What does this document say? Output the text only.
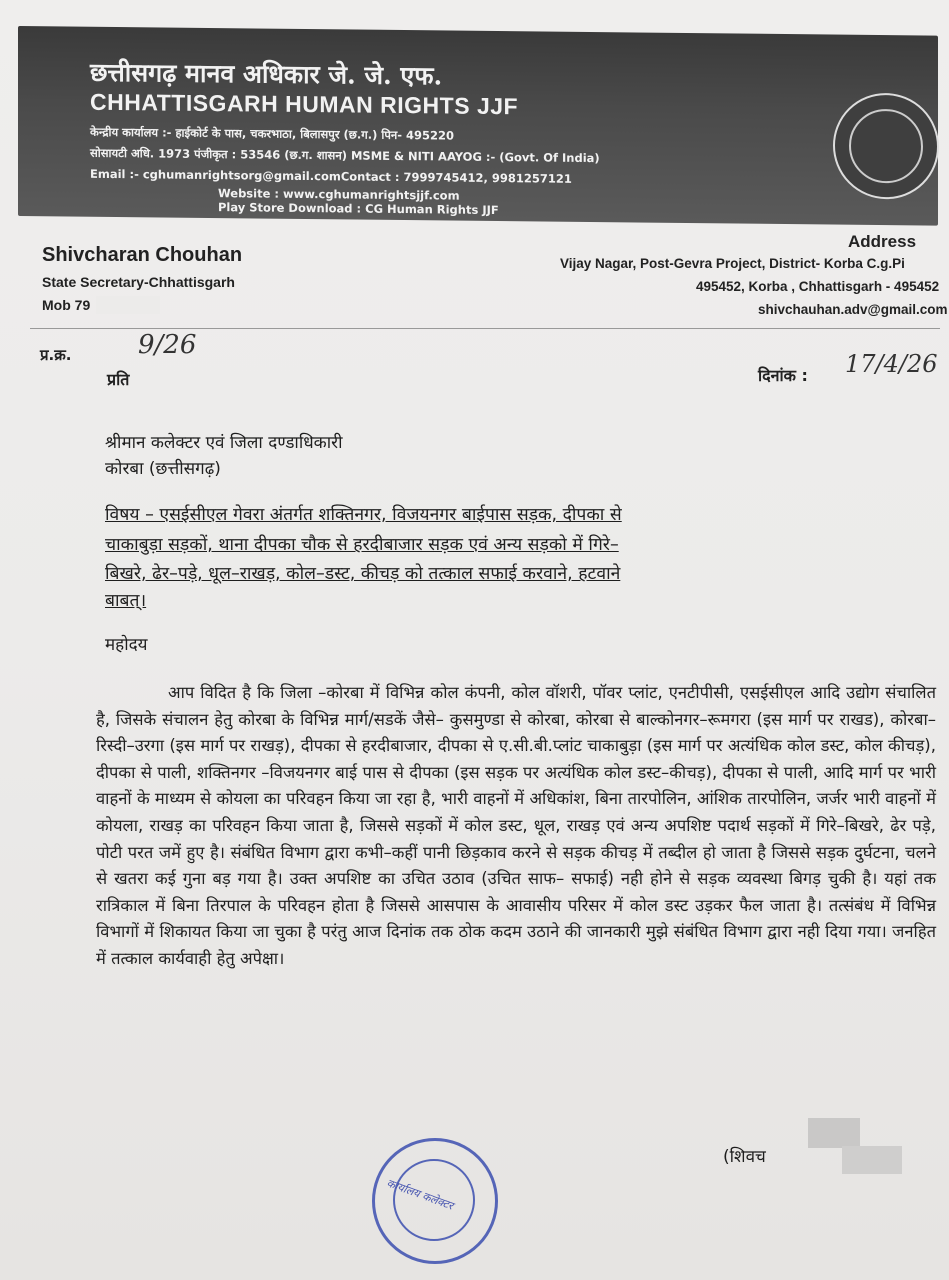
छत्तीसगढ़ मानव अधिकार जे. जे. एफ.
CHHATTISGARH HUMAN RIGHTS JJF
केन्द्रीय कार्यालय :- हाईकोर्ट के पास, चकरभाठा, बिलासपुर (छ.ग.) पिन- 495220
सोसायटी अधि. 1973 पंजीकृत : 53546 (छ.ग. शासन) MSME & NITI AAYOG :- (Govt. Of India)
Email :- cghumanrightsorg@gmail.comContact : 7999745412, 9981257121
Website : www.cghumanrightsjjf.com
Play Store Download : CG Human Rights JJF
Shivcharan Chouhan
State Secretary-Chhattisgarh
Mob 79
Address
Vijay Nagar, Post-Gevra Project, District- Korba C.g.Pi
495452, Korba , Chhattisgarh - 495452
shivchauhan.adv@gmail.com
प्र.क्र.	9/26
प्रति	दिनांक : 17/4/26
श्रीमान कलेक्टर एवं जिला दण्डाधिकारी
कोरबा (छत्तीसगढ़)
विषय – एसईसीएल गेवरा अंतर्गत शक्तिनगर, विजयनगर बाईपास सड़क, दीपका से
चाकाबुड़ा सड़कों, थाना दीपका चौक से हरदीबाजार सड़क एवं अन्य सड़को में गिरे–
बिखरे, ढेर–पड़े, धूल–राखड़, कोल–डस्ट, कीचड़ को तत्काल सफाई करवाने, हटवाने
बाबत्।
महोदय
आप विदित है कि जिला –कोरबा में विभिन्न कोल कंपनी, कोल वॉशरी, पॉवर प्लांट, एनटीपीसी, एसईसीएल आदि उद्योग संचालित है, जिसके संचालन हेतु कोरबा के विभिन्न मार्ग/सडकें जैसे– कुसमुण्डा से कोरबा, कोरबा से बाल्कोनगर–रूमगरा (इस मार्ग पर राखड), कोरबा– रिस्दी–उरगा (इस मार्ग पर राखड़), दीपका से हरदीबाजार, दीपका से ए.सी.बी.प्लांट चाकाबुड़ा (इस मार्ग पर अत्यंधिक कोल डस्ट, कोल कीचड़), दीपका से पाली, शक्तिनगर –विजयनगर बाई पास से दीपका (इस सड़क पर अत्यंधिक कोल डस्ट–कीचड़), दीपका से पाली, आदि मार्ग पर भारी वाहनों के माध्यम से कोयला का परिवहन किया जा रहा है, भारी वाहनों में अधिकांश, बिना तारपोलिन, आंशिक तारपोलिन, जर्जर भारी वाहनों में कोयला, राखड़ का परिवहन किया जाता है, जिससे सड़कों में कोल डस्ट, धूल, राखड़ एवं अन्य अपशिष्ट पदार्थ सड़कों में गिरे–बिखरे, ढेर पड़े, पोटी परत जमें हुए है। संबंधित विभाग द्वारा कभी–कहीं पानी छिड़काव करने से सड़क कीचड़ में तब्दील हो जाता है जिससे सड़क दुर्घटना, चलने से खतरा कई गुना बड़ गया है। उक्त अपशिष्ट का उचित उठाव (उचित साफ– सफाई) नही होने से सड़क व्यवस्था बिगड़ चुकी है। यहां तक रात्रिकाल में बिना तिरपाल के परिवहन होता है जिससे आसपास के आवासीय परिसर में कोल डस्ट उड़कर फैल जाता है। तत्संबंध में विभिन्न विभागों में शिकायत किया जा चुका है परंतु आज दिनांक तक ठोक कदम उठाने की जानकारी मुझे संबंधित विभाग द्वारा नही दिया गया। जनहित में तत्काल कार्यवाही हेतु अपेक्षा।
(शिवच
कार्यालय कलेक्टर
